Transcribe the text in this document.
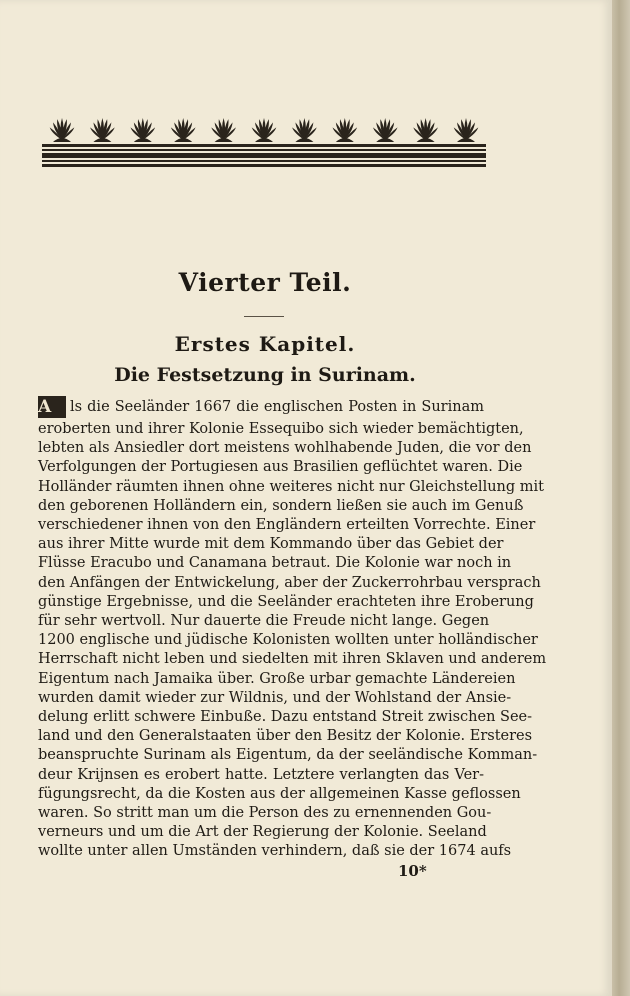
Vierter Teil.
Erstes Kapitel.
Die Festsetzung in Surinam.
A ls die Seeländer 1667 die englischen Posten in Surinam
eroberten und ihrer Kolonie Essequibo sich wieder bemächtigten,
lebten als Ansiedler dort meistens wohlhabende Juden, die vor den
Verfolgungen der Portugiesen aus Brasilien geflüchtet waren. Die
Holländer räumten ihnen ohne weiteres nicht nur Gleichstellung mit
den geborenen Holländern ein, sondern ließen sie auch im Genuß
verschiedener ihnen von den Engländern erteilten Vorrechte. Einer
aus ihrer Mitte wurde mit dem Kommando über das Gebiet der
Flüsse Eracubo und Canamana betraut. Die Kolonie war noch in
den Anfängen der Entwickelung, aber der Zuckerrohrbau versprach
günstige Ergebnisse, und die Seeländer erachteten ihre Eroberung
für sehr wertvoll. Nur dauerte die Freude nicht lange. Gegen
1200 englische und jüdische Kolonisten wollten unter holländischer
Herrschaft nicht leben und siedelten mit ihren Sklaven und anderem
Eigentum nach Jamaika über. Große urbar gemachte Ländereien
wurden damit wieder zur Wildnis, und der Wohlstand der Ansie-
delung erlitt schwere Einbuße. Dazu entstand Streit zwischen See-
land und den Generalstaaten über den Besitz der Kolonie. Ersteres
beanspruchte Surinam als Eigentum, da der seeländische Komman-
deur Krijnsen es erobert hatte. Letztere verlangten das Ver-
fügungsrecht, da die Kosten aus der allgemeinen Kasse geflossen
waren. So stritt man um die Person des zu ernennenden Gou-
verneurs und um die Art der Regierung der Kolonie. Seeland
wollte unter allen Umständen verhindern, daß sie der 1674 aufs
10*
